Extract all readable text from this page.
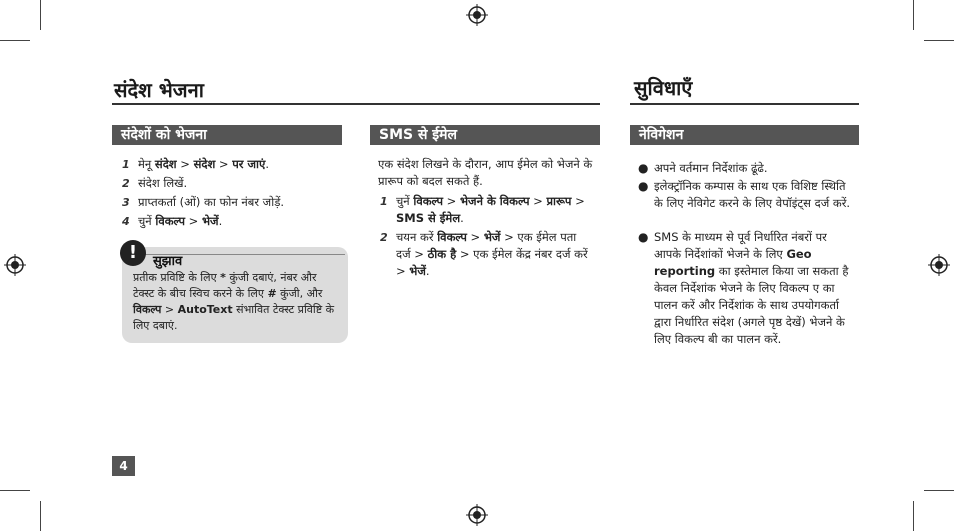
संदेश भेजना	सुविधाएँ
संदेशों को भेजना	SMS से ईमेल	नेविगेशन
1 मेनू संदेश > संदेश > पर जाएं.
2 संदेश लिखें.
3 प्राप्तकर्ता (ओं) का फोन नंबर जोड़ें.
4 चुनें विकल्प > भेजें.
!	सुझाव
प्रतीक प्रविष्टि के लिए * कुंजी दबाएं, नंबर और टेक्स्ट के बीच स्विच करने के लिए # कुंजी, और विकल्प > AutoText संभावित टेक्स्ट प्रविष्टि के लिए दबाएं.
एक संदेश लिखने के दौरान, आप ईमेल को भेजने के प्रारूप को बदल सकते हैं.
1 चुनें विकल्प > भेजने के विकल्प > प्रारूप > SMS से ईमेल.
2 चयन करें विकल्प > भेजें > एक ईमेल पता दर्ज > ठीक है > एक ईमेल केंद्र नंबर दर्ज करें > भेजें.
● अपने वर्तमान निर्देशांक ढूंढे.
● इलेक्ट्रॉनिक कम्पास के साथ एक विशिष्ट स्थिति के लिए नेविगेट करने के लिए वेपॉइंट्स दर्ज करें.
● SMS के माध्यम से पूर्व निर्धारित नंबरों पर आपके निर्देशांकों भेजने के लिए Geo reporting का इस्तेमाल किया जा सकता है केवल निर्देशांक भेजने के लिए विकल्प ए का पालन करें और निर्देशांक के साथ उपयोगकर्ता द्वारा निर्धारित संदेश (अगले पृष्ठ देखें) भेजने के लिए विकल्प बी का पालन करें.
4
